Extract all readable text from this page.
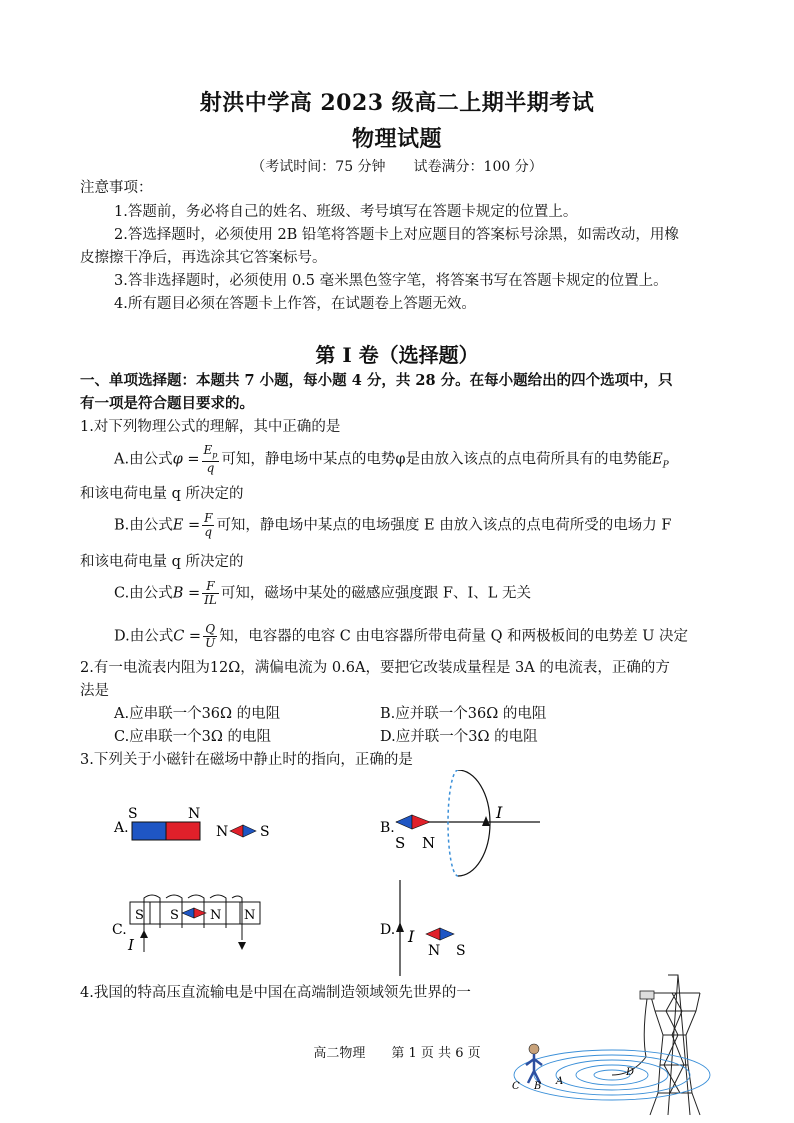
射洪中学高 2023 级高二上期半期考试
物理试题
（考试时间：75 分钟　　试卷满分：100 分）
注意事项：
1.答题前，务必将自己的姓名、班级、考号填写在答题卡规定的位置上。
2.答选择题时，必须使用 2B 铅笔将答题卡上对应题目的答案标号涂黑，如需改动，用橡
皮擦擦干净后，再选涂其它答案标号。
3.答非选择题时，必须使用 0.5 毫米黑色签字笔，将答案书写在答题卡规定的位置上。
4.所有题目必须在答题卡上作答，在试题卷上答题无效。
第 I 卷（选择题）
一、单项选择题：本题共 7 小题，每小题 4 分，共 28 分。在每小题给出的四个选项中，只
有一项是符合题目要求的。
1.对下列物理公式的理解，其中正确的是
A.由公式$\varphi = \frac{E_p}{q}$ 可知，静电场中某点的电势φ是由放入该点的点电荷所具有的电势能$E_P$
和该电荷电量 q 所决定的
B.由公式$E = \frac{F}{q}$ 可知，静电场中某点的电场强度 E 由放入该点的点电荷所受的电场力 F
和该电荷电量 q 所决定的
C.由公式$B = \frac{F}{IL}$ 可知，磁场中某处的磁感应强度跟 F、I、L 无关
D.由公式$C = \frac{Q}{U}$ 知，电容器的电容 C 由电容器所带电荷量 Q 和两极板间的电势差 U 决定
2.有一电流表内阻为12Ω，满偏电流为 0.6A，要把它改装成量程是 3A 的电流表，正确的方
法是
A.应串联一个36Ω 的电阻	B.应并联一个36Ω 的电阻
C.应串联一个3Ω 的电阻	D.应并联一个3Ω 的电阻
3.下列关于小磁针在磁场中静止时的指向，正确的是
A.
S	N
N S	B.
I
S N
C.
S	N
S N
I
D. I
N S
4.我国的特高压直流输电是中国在高端制造领域领先世界的一
C B A
D
高二物理　　第 1 页 共 6 页
